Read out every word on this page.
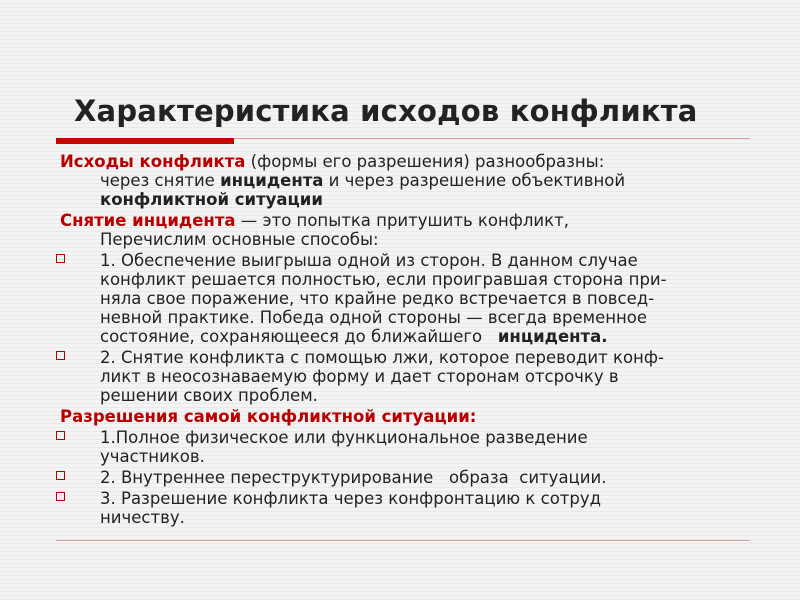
Характеристика исходов конфликта
Исходы конфликта (формы его разрешения) разнообразны:
через снятие инцидента и через разрешение объективной
конфликтной ситуации
Снятие инцидента — это попытка притушить конфликт,
Перечислим основные способы:
1. Обеспечение выигрыша одной из сторон. В данном случае
конфликт решается полностью, если проигравшая сторона при-
няла свое поражение, что крайне редко встречается в повсед-
невной практике. Победа одной стороны — всегда временное
состояние, сохраняющееся до ближайшего   инцидента.
2. Снятие конфликта с помощью лжи, которое переводит конф-
ликт в неосознаваемую форму и дает сторонам отсрочку в
решении своих проблем.
Разрешения самой конфликтной ситуации:
1.Полное физическое или функциональное разведение
участников.
2. Внутреннее переструктурирование   образа  ситуации.
3. Разрешение конфликта через конфронтацию к сотруд
ничеству.
